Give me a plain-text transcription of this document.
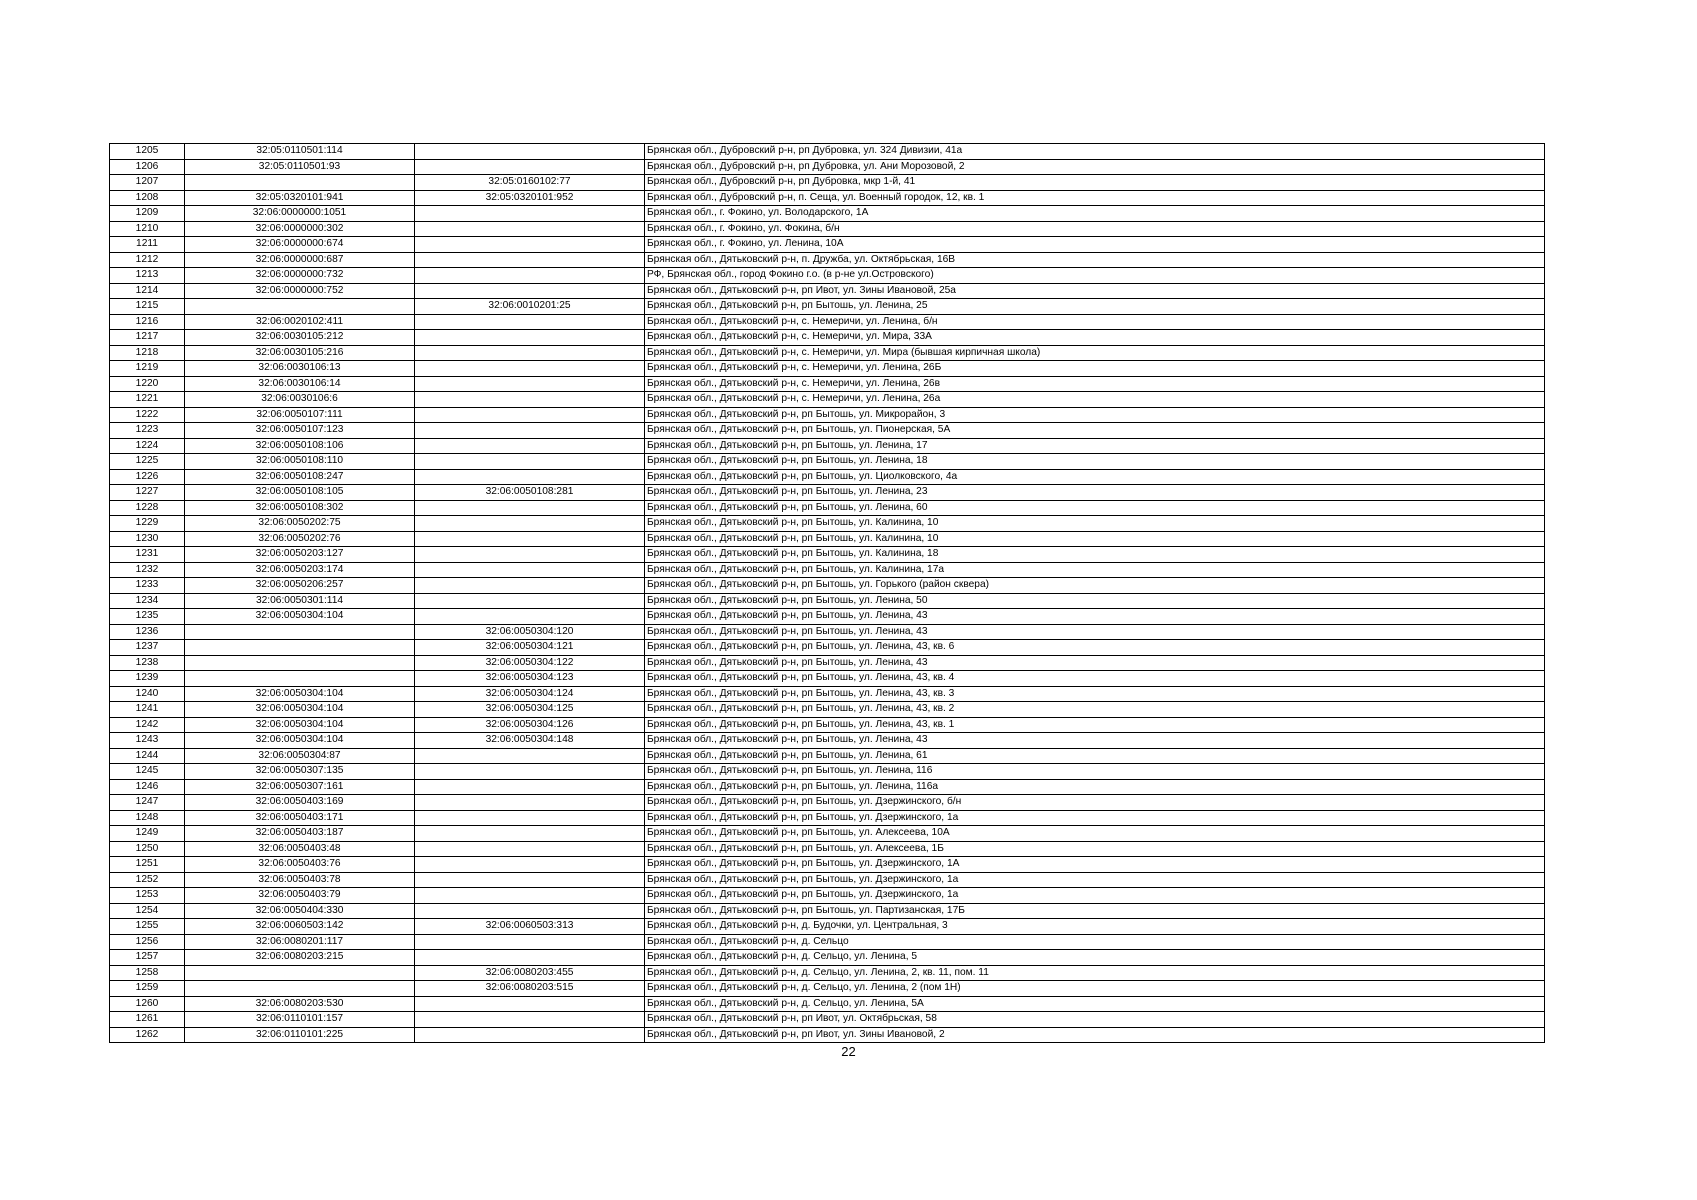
1205	32:05:0110501:114		Брянская обл., Дубровский р-н, рп Дубровка, ул. 324 Дивизии, 41а
1206	32:05:0110501:93		Брянская обл., Дубровский р-н, рп Дубровка, ул. Ани Морозовой, 2
1207		32:05:0160102:77	Брянская обл., Дубровский р-н, рп Дубровка, мкр 1-й, 41
1208	32:05:0320101:941	32:05:0320101:952	Брянская обл., Дубровский р-н, п. Сеща, ул. Военный городок, 12, кв. 1
1209	32:06:0000000:1051		Брянская обл., г. Фокино, ул. Володарского, 1А
1210	32:06:0000000:302		Брянская обл., г. Фокино, ул. Фокина, б/н
1211	32:06:0000000:674		Брянская обл., г. Фокино, ул. Ленина, 10А
1212	32:06:0000000:687		Брянская обл., Дятьковский р-н, п. Дружба, ул. Октябрьская, 16В
1213	32:06:0000000:732		РФ, Брянская обл., город Фокино г.о. (в р-не ул.Островского)
1214	32:06:0000000:752		Брянская обл., Дятьковский р-н, рп Ивот, ул. Зины Ивановой, 25а
1215		32:06:0010201:25	Брянская обл., Дятьковский р-н, рп Бытошь, ул. Ленина, 25
1216	32:06:0020102:411		Брянская обл., Дятьковский р-н, с. Немеричи, ул. Ленина, б/н
1217	32:06:0030105:212		Брянская обл., Дятьковский р-н, с. Немеричи, ул. Мира, 33А
1218	32:06:0030105:216		Брянская обл., Дятьковский р-н, с. Немеричи, ул. Мира (бывшая кирпичная школа)
1219	32:06:0030106:13		Брянская обл., Дятьковский р-н, с. Немеричи, ул. Ленина, 26Б
1220	32:06:0030106:14		Брянская обл., Дятьковский р-н, с. Немеричи, ул. Ленина, 26в
1221	32:06:0030106:6		Брянская обл., Дятьковский р-н, с. Немеричи, ул. Ленина, 26а
1222	32:06:0050107:111		Брянская обл., Дятьковский р-н, рп Бытошь, ул. Микрорайон, 3
1223	32:06:0050107:123		Брянская обл., Дятьковский р-н, рп Бытошь, ул. Пионерская, 5А
1224	32:06:0050108:106		Брянская обл., Дятьковский р-н, рп Бытошь, ул. Ленина, 17
1225	32:06:0050108:110		Брянская обл., Дятьковский р-н, рп Бытошь, ул. Ленина, 18
1226	32:06:0050108:247		Брянская обл., Дятьковский р-н, рп Бытошь, ул. Циолковского, 4а
1227	32:06:0050108:105	32:06:0050108:281	Брянская обл., Дятьковский р-н, рп Бытошь, ул. Ленина, 23
1228	32:06:0050108:302		Брянская обл., Дятьковский р-н, рп Бытошь, ул. Ленина, 60
1229	32:06:0050202:75		Брянская обл., Дятьковский р-н, рп Бытошь, ул. Калинина, 10
1230	32:06:0050202:76		Брянская обл., Дятьковский р-н, рп Бытошь, ул. Калинина, 10
1231	32:06:0050203:127		Брянская обл., Дятьковский р-н, рп Бытошь, ул. Калинина, 18
1232	32:06:0050203:174		Брянская обл., Дятьковский р-н, рп Бытошь, ул. Калинина, 17а
1233	32:06:0050206:257		Брянская обл., Дятьковский р-н, рп Бытошь, ул. Горького (район сквера)
1234	32:06:0050301:114		Брянская обл., Дятьковский р-н, рп Бытошь, ул. Ленина, 50
1235	32:06:0050304:104		Брянская обл., Дятьковский р-н, рп Бытошь, ул. Ленина, 43
1236		32:06:0050304:120	Брянская обл., Дятьковский р-н, рп Бытошь, ул. Ленина, 43
1237		32:06:0050304:121	Брянская обл., Дятьковский р-н, рп Бытошь, ул. Ленина, 43, кв. 6
1238		32:06:0050304:122	Брянская обл., Дятьковский р-н, рп Бытошь, ул. Ленина, 43
1239		32:06:0050304:123	Брянская обл., Дятьковский р-н, рп Бытошь, ул. Ленина, 43, кв. 4
1240	32:06:0050304:104	32:06:0050304:124	Брянская обл., Дятьковский р-н, рп Бытошь, ул. Ленина, 43, кв. 3
1241	32:06:0050304:104	32:06:0050304:125	Брянская обл., Дятьковский р-н, рп Бытошь, ул. Ленина, 43, кв. 2
1242	32:06:0050304:104	32:06:0050304:126	Брянская обл., Дятьковский р-н, рп Бытошь, ул. Ленина, 43, кв. 1
1243	32:06:0050304:104	32:06:0050304:148	Брянская обл., Дятьковский р-н, рп Бытошь, ул. Ленина, 43
1244	32:06:0050304:87		Брянская обл., Дятьковский р-н, рп Бытошь, ул. Ленина, 61
1245	32:06:0050307:135		Брянская обл., Дятьковский р-н, рп Бытошь, ул. Ленина, 116
1246	32:06:0050307:161		Брянская обл., Дятьковский р-н, рп Бытошь, ул. Ленина, 116а
1247	32:06:0050403:169		Брянская обл., Дятьковский р-н, рп Бытошь, ул. Дзержинского, б/н
1248	32:06:0050403:171		Брянская обл., Дятьковский р-н, рп Бытошь, ул. Дзержинского, 1а
1249	32:06:0050403:187		Брянская обл., Дятьковский р-н, рп Бытошь, ул. Алексеева, 10А
1250	32:06:0050403:48		Брянская обл., Дятьковский р-н, рп Бытошь, ул. Алексеева, 1Б
1251	32:06:0050403:76		Брянская обл., Дятьковский р-н, рп Бытошь, ул. Дзержинского, 1А
1252	32:06:0050403:78		Брянская обл., Дятьковский р-н, рп Бытошь, ул. Дзержинского, 1а
1253	32:06:0050403:79		Брянская обл., Дятьковский р-н, рп Бытошь, ул. Дзержинского, 1а
1254	32:06:0050404:330		Брянская обл., Дятьковский р-н, рп Бытошь, ул. Партизанская, 17Б
1255	32:06:0060503:142	32:06:0060503:313	Брянская обл., Дятьковский р-н, д. Будочки, ул. Центральная, 3
1256	32:06:0080201:117		Брянская обл., Дятьковский р-н, д. Сельцо
1257	32:06:0080203:215		Брянская обл., Дятьковский р-н, д. Сельцо, ул. Ленина, 5
1258		32:06:0080203:455	Брянская обл., Дятьковский р-н, д. Сельцо, ул. Ленина, 2, кв. 11, пом. 11
1259		32:06:0080203:515	Брянская обл., Дятьковский р-н, д. Сельцо, ул. Ленина, 2 (пом 1Н)
1260	32:06:0080203:530		Брянская обл., Дятьковский р-н, д. Сельцо, ул. Ленина, 5А
1261	32:06:0110101:157		Брянская обл., Дятьковский р-н, рп Ивот, ул. Октябрьская, 58
1262	32:06:0110101:225		Брянская обл., Дятьковский р-н, рп Ивот, ул. Зины Ивановой, 2
22
